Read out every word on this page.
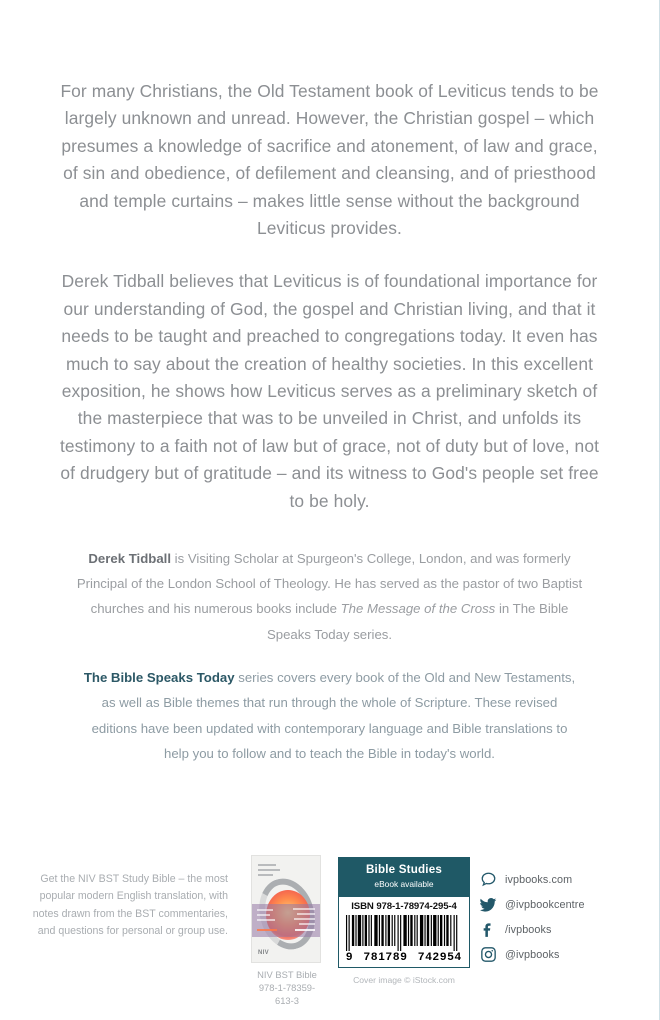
For many Christians, the Old Testament book of Leviticus tends to be largely unknown and unread. However, the Christian gospel – which presumes a knowledge of sacrifice and atonement, of law and grace, of sin and obedience, of defilement and cleansing, and of priesthood and temple curtains – makes little sense without the background Leviticus provides.

Derek Tidball believes that Leviticus is of foundational importance for our understanding of God, the gospel and Christian living, and that it needs to be taught and preached to congregations today. It even has much to say about the creation of healthy societies. In this excellent exposition, he shows how Leviticus serves as a preliminary sketch of the masterpiece that was to be unveiled in Christ, and unfolds its testimony to a faith not of law but of grace, not of duty but of love, not of drudgery but of gratitude – and its witness to God's people set free to be holy.

Derek Tidball is Visiting Scholar at Spurgeon's College, London, and was formerly Principal of the London School of Theology. He has served as the pastor of two Baptist churches and his numerous books include The Message of the Cross in The Bible Speaks Today series.
The Bible Speaks Today series covers every book of the Old and New Testaments, as well as Bible themes that run through the whole of Scripture. These revised editions have been updated with contemporary language and Bible translations to help you to follow and to teach the Bible in today's world.
Get the NIV BST Study Bible – the most popular modern English translation, with notes drawn from the BST commentaries, and questions for personal or group use.
NIV
NIV BST Bible
978-1-78359-613-3
Bible Studies
eBook available
ISBN 978-1-78974-295-4
9 781789 742954
Cover image © iStock.com
ivpbooks.com
@ivpbookcentre
/ivpbooks
@ivpbooks
